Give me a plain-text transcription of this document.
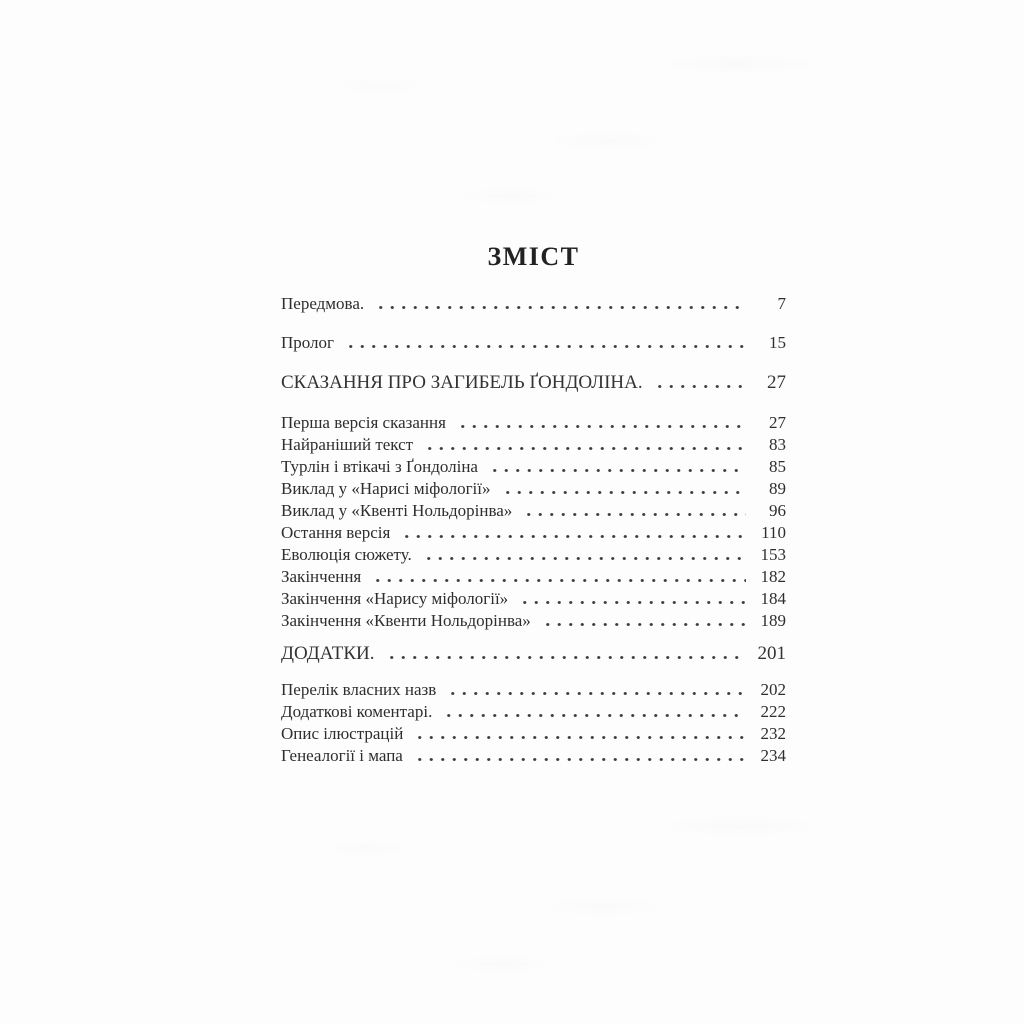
ЗМІСТ
Передмова.	7
Пролог	15
СКАЗАННЯ ПРО ЗАГИБЕЛЬ ҐОНДОЛІНА.	27
Перша версія сказання	27
Найраніший текст	83
Турлін і втікачі з Ґондоліна	85
Виклад у «Нарисі міфології»	89
Виклад у «Квенті Нольдорінва»	96
Остання версія	110
Еволюція сюжету.	153
Закінчення	182
Закінчення «Нарису міфології»	184
Закінчення «Квенти Нольдорінва»	189
ДОДАТКИ.	201
Перелік власних назв	202
Додаткові коментарі.	222
Опис ілюстрацій	232
Генеалогії і мапа	234
